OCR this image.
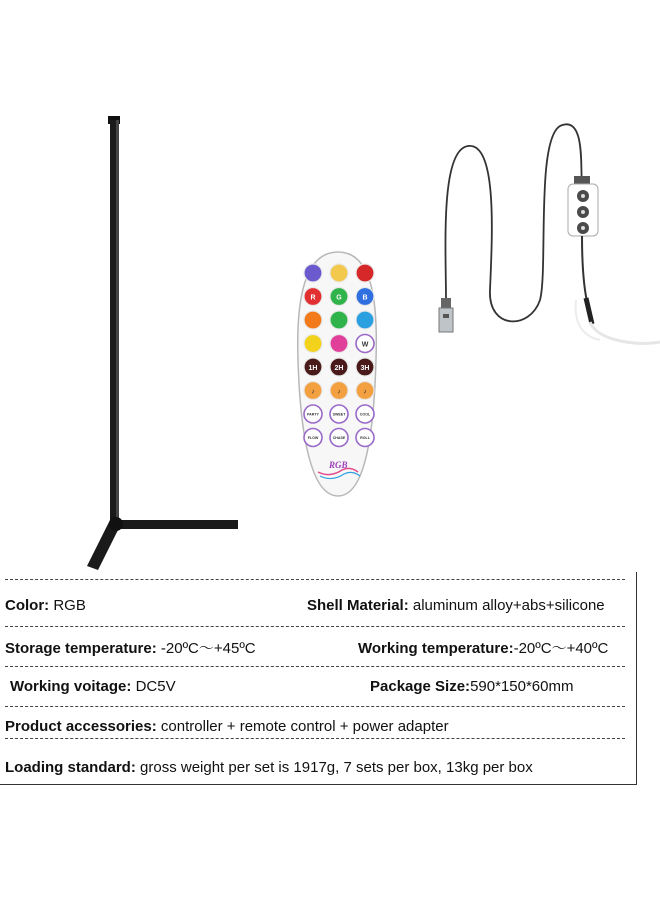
R	G	B
W
1H 2H 3H
♪	♪	♪
PARTY	SWEET	COOL
FLOW	CHASE	ROLL
RGB
Color: RGB	Shell Material: aluminum alloy+abs+silicone
Storage temperature: -20ºC～+45ºC	Working temperature:-20ºC～+40ºC
Working voitage: DC5V	Package Size:590*150*60mm
Product accessories: controller + remote control + power adapter
Loading standard: gross weight per set is 1917g, 7 sets per box, 13kg per box
